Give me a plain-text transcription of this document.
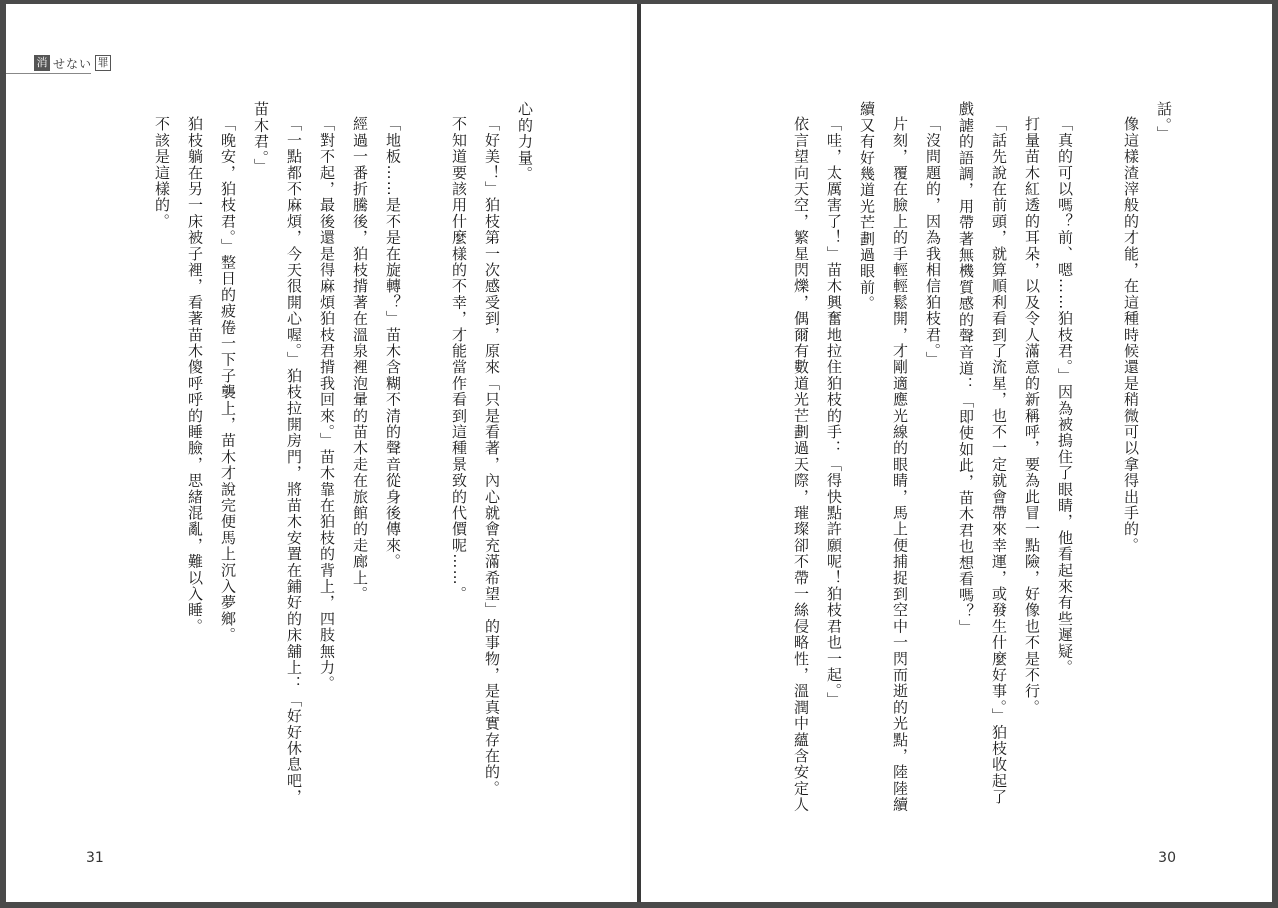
消 せない 罪

心的力量。

「好美！」狛枝第一次感受到，原來「只是看著，內心就會充滿希望」的事物，是真實存在的。

不知道要該用什麼樣的不幸，才能當作看到這種景致的代價呢……。

「地板……是不是在旋轉？」苗木含糊不清的聲音從身後傳來。

經過一番折騰後，狛枝揹著在溫泉裡泡暈的苗木走在旅館的走廊上。

「對不起，最後還是得麻煩狛枝君揹我回來。」苗木靠在狛枝的背上，四肢無力。

「一點都不麻煩，今天很開心喔。」狛枝拉開房門，將苗木安置在鋪好的床舖上：「好好休息吧，苗木君。」

「晚安，狛枝君。」整日的疲倦一下子襲上，苗木才說完便馬上沉入夢鄉。

狛枝躺在另一床被子裡，看著苗木傻呼呼的睡臉，思緒混亂，難以入睡。

不該是這樣的。

31

話。」

像這樣渣滓般的才能，在這種時候還是稍微可以拿得出手的。

「真的可以嗎？前、嗯……狛枝君。」因為被摀住了眼睛，他看起來有些遲疑。

打量苗木紅透的耳朵，以及令人滿意的新稱呼，要為此冒一點險，好像也不是不行。

「話先說在前頭，就算順利看到了流星，也不一定就會帶來幸運，或發生什麼好事。」狛枝收起了戲謔的語調，用帶著無機質感的聲音道：「即使如此，苗木君也想看嗎？」

「沒問題的，因為我相信狛枝君。」

片刻，覆在臉上的手輕輕鬆開，才剛適應光線的眼睛，馬上便捕捉到空中一閃而逝的光點，陸陸續續又有好幾道光芒劃過眼前。

「哇，太厲害了！」苗木興奮地拉住狛枝的手：「得快點許願呢！狛枝君也一起。」

依言望向天空，繁星閃爍，偶爾有數道光芒劃過天際，璀璨卻不帶一絲侵略性，溫潤中蘊含安定人

30
